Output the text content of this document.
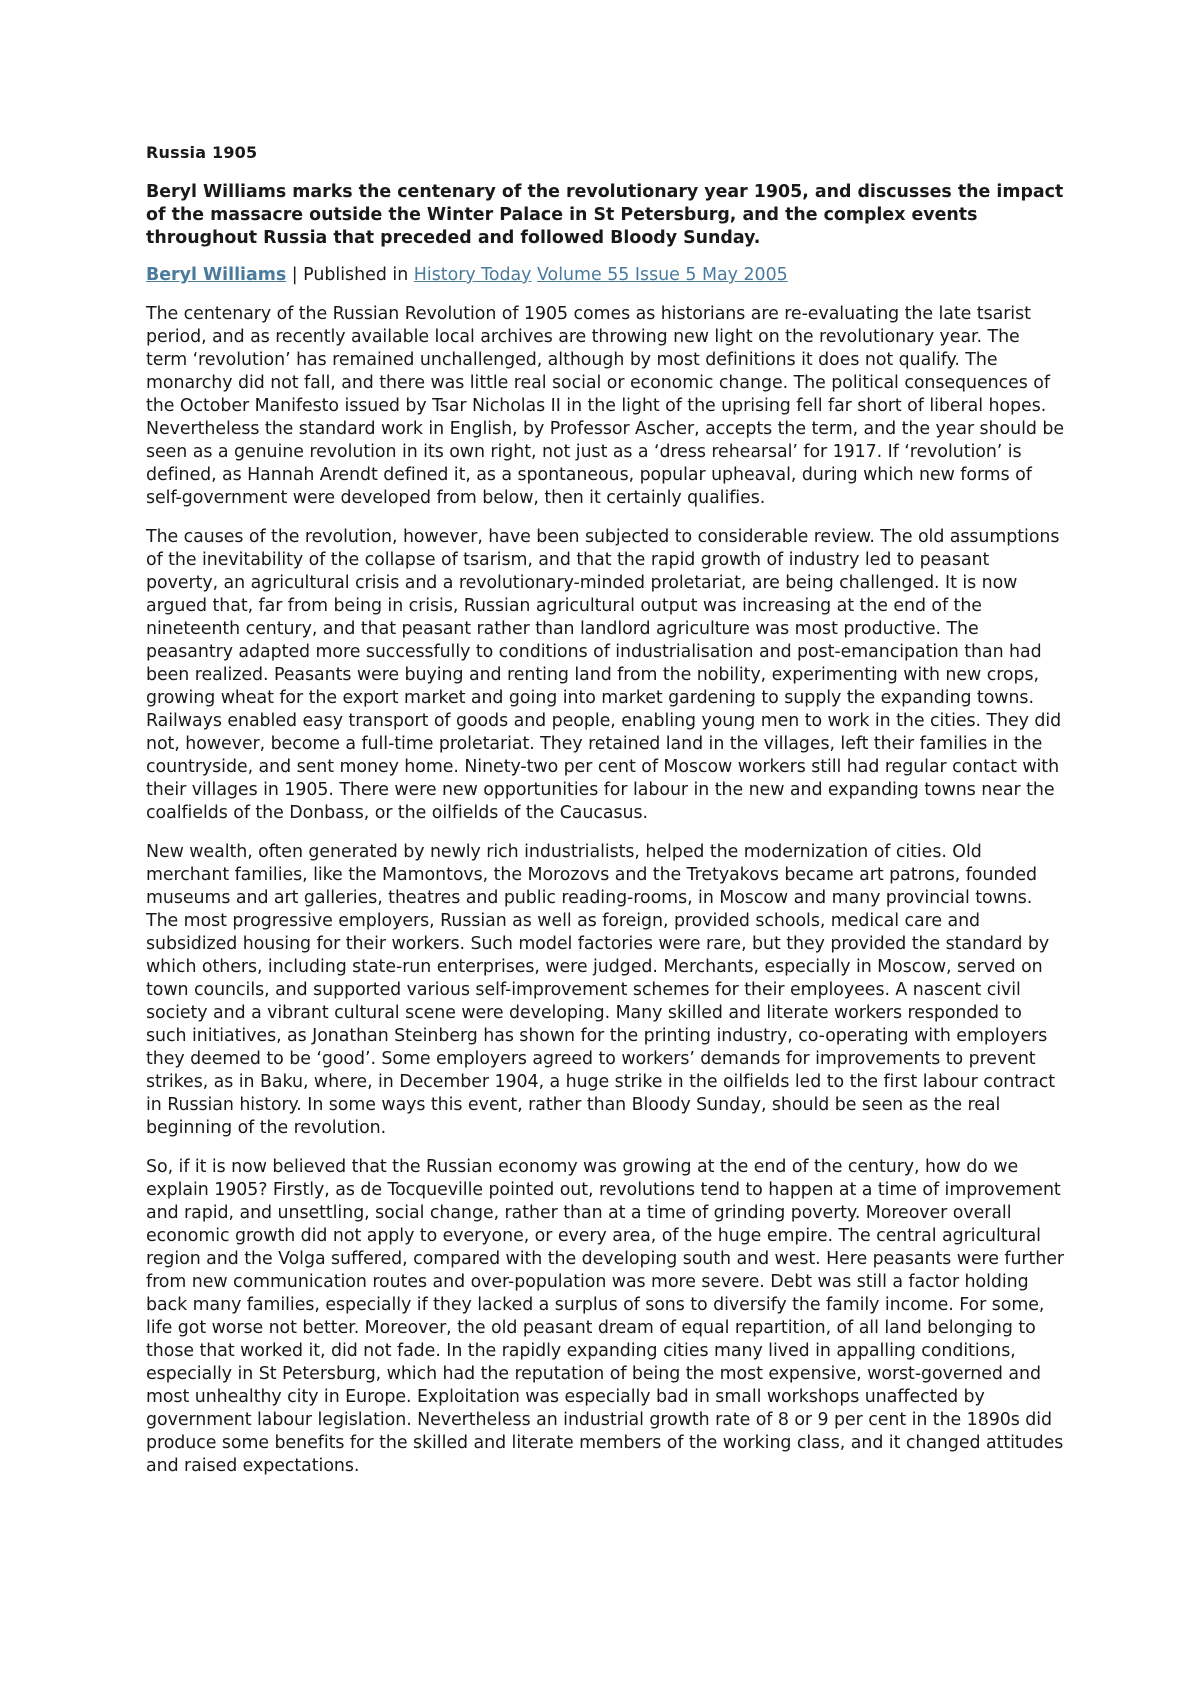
Russia 1905
Beryl Williams marks the centenary of the revolutionary year 1905, and discusses the impact of the massacre outside the Winter Palace in St Petersburg, and the complex events throughout Russia that preceded and followed Bloody Sunday.
Beryl Williams | Published in History Today Volume 55 Issue 5 May 2005

The centenary of the Russian Revolution of 1905 comes as historians are re-evaluating the late tsarist period, and as recently available local archives are throwing new light on the revolutionary year. The term ‘revolution’ has remained unchallenged, although by most definitions it does not qualify. The monarchy did not fall, and there was little real social or economic change. The political consequences of the October Manifesto issued by Tsar Nicholas II in the light of the uprising fell far short of liberal hopes. Nevertheless the standard work in English, by Professor Ascher, accepts the term, and the year should be seen as a genuine revolution in its own right, not just as a ‘dress rehearsal’ for 1917. If ‘revolution’ is defined, as Hannah Arendt defined it, as a spontaneous, popular upheaval, during which new forms of self-government were developed from below, then it certainly qualifies.

The causes of the revolution, however, have been subjected to considerable review. The old assumptions of the inevitability of the collapse of tsarism, and that the rapid growth of industry led to peasant poverty, an agricultural crisis and a revolutionary-minded proletariat, are being challenged. It is now argued that, far from being in crisis, Russian agricultural output was increasing at the end of the nineteenth century, and that peasant rather than landlord agriculture was most productive. The peasantry adapted more successfully to conditions of industrialisation and post-emancipation than had been realized. Peasants were buying and renting land from the nobility, experimenting with new crops, growing wheat for the export market and going into market gardening to supply the expanding towns. Railways enabled easy transport of goods and people, enabling young men to work in the cities. They did not, however, become a full-time proletariat. They retained land in the villages, left their families in the countryside, and sent money home. Ninety-two per cent of Moscow workers still had regular contact with their villages in 1905. There were new opportunities for labour in the new and expanding towns near the coalfields of the Donbass, or the oilfields of the Caucasus.

New wealth, often generated by newly rich industrialists, helped the modernization of cities. Old merchant families, like the Mamontovs, the Morozovs and the Tretyakovs became art patrons, founded museums and art galleries, theatres and public reading-rooms, in Moscow and many provincial towns. The most progressive employers, Russian as well as foreign, provided schools, medical care and subsidized housing for their workers. Such model factories were rare, but they provided the standard by which others, including state-run enterprises, were judged. Merchants, especially in Moscow, served on town councils, and supported various self-improvement schemes for their employees. A nascent civil society and a vibrant cultural scene were developing. Many skilled and literate workers responded to such initiatives, as Jonathan Steinberg has shown for the printing industry, co-operating with employers they deemed to be ‘good’. Some employers agreed to workers’ demands for improvements to prevent strikes, as in Baku, where, in December 1904, a huge strike in the oilfields led to the first labour contract in Russian history. In some ways this event, rather than Bloody Sunday, should be seen as the real beginning of the revolution.

So, if it is now believed that the Russian economy was growing at the end of the century, how do we explain 1905? Firstly, as de Tocqueville pointed out, revolutions tend to happen at a time of improvement and rapid, and unsettling, social change, rather than at a time of grinding poverty. Moreover overall economic growth did not apply to everyone, or every area, of the huge empire. The central agricultural region and the Volga suffered, compared with the developing south and west. Here peasants were further from new communication routes and over-population was more severe. Debt was still a factor holding back many families, especially if they lacked a surplus of sons to diversify the family income. For some, life got worse not better. Moreover, the old peasant dream of equal repartition, of all land belonging to those that worked it, did not fade. In the rapidly expanding cities many lived in appalling conditions, especially in St Petersburg, which had the reputation of being the most expensive, worst-governed and most unhealthy city in Europe. Exploitation was especially bad in small workshops unaffected by government labour legislation. Nevertheless an industrial growth rate of 8 or 9 per cent in the 1890s did produce some benefits for the skilled and literate members of the working class, and it changed attitudes and raised expectations.
